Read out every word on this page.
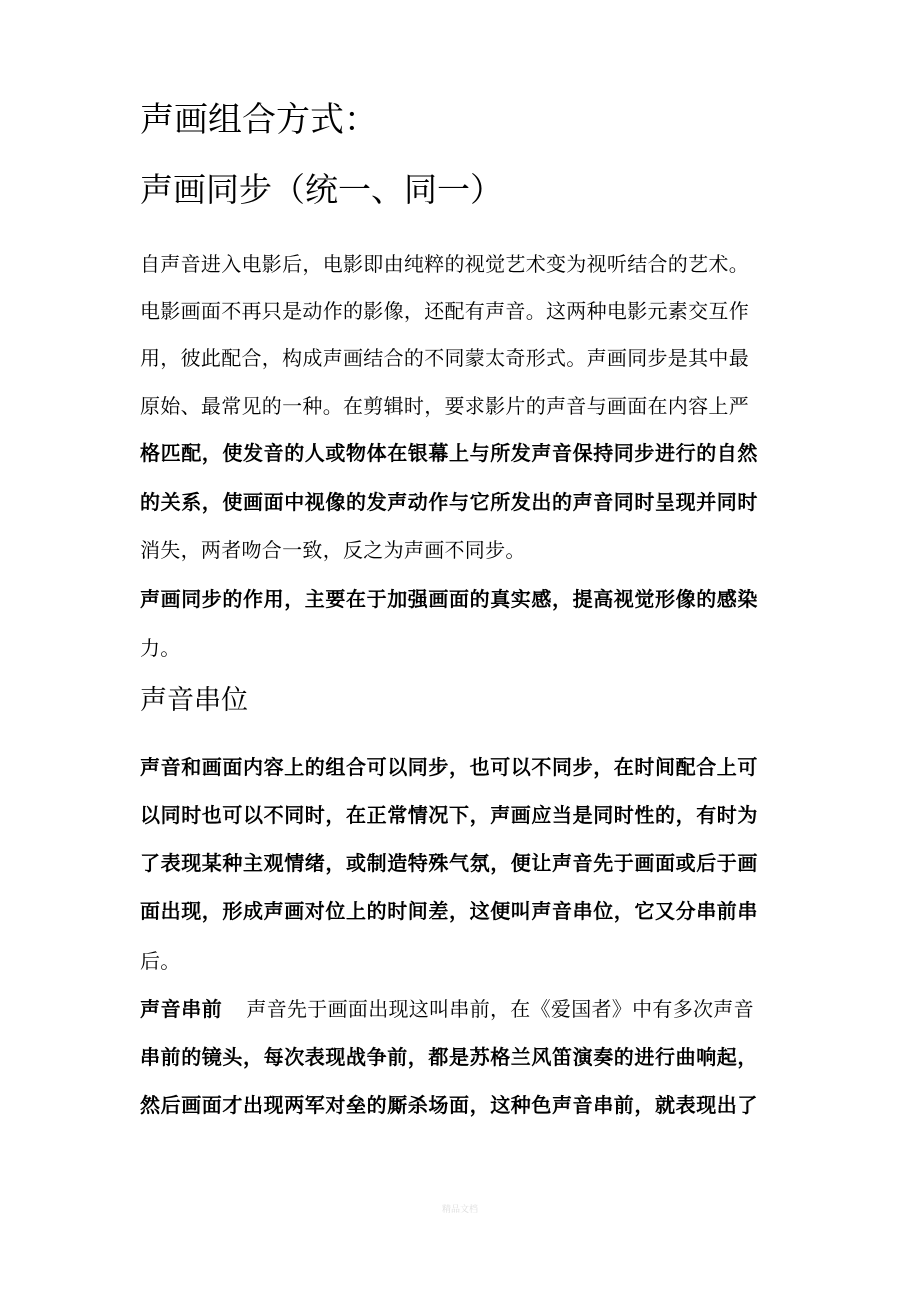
声画组合方式：
声画同步（统一、同一）
自声音进入电影后，电影即由纯粹的视觉艺术变为视听结合的艺术。
电影画面不再只是动作的影像，还配有声音。这两种电影元素交互作
用，彼此配合，构成声画结合的不同蒙太奇形式。声画同步是其中最
原始、最常见的一种。在剪辑时，要求影片的声音与画面在内容上严
格匹配，使发音的人或物体在银幕上与所发声音保持同步进行的自然
的关系，使画面中视像的发声动作与它所发出的声音同时呈现并同时
消失，两者吻合一致，反之为声画不同步。
声画同步的作用，主要在于加强画面的真实感，提高视觉形像的感染
力。
声音串位
声音和画面内容上的组合可以同步，也可以不同步，在时间配合上可
以同时也可以不同时，在正常情况下，声画应当是同时性的，有时为
了表现某种主观情绪，或制造特殊气氛，便让声音先于画面或后于画
面出现，形成声画对位上的时间差，这便叫声音串位，它又分串前串
后。
声音串前 声音先于画面出现这叫串前，在《爱国者》中有多次声音
串前的镜头，每次表现战争前，都是苏格兰风笛演奏的进行曲响起，
然后画面才出现两军对垒的厮杀场面，这种色声音串前，就表现出了
精品文档
